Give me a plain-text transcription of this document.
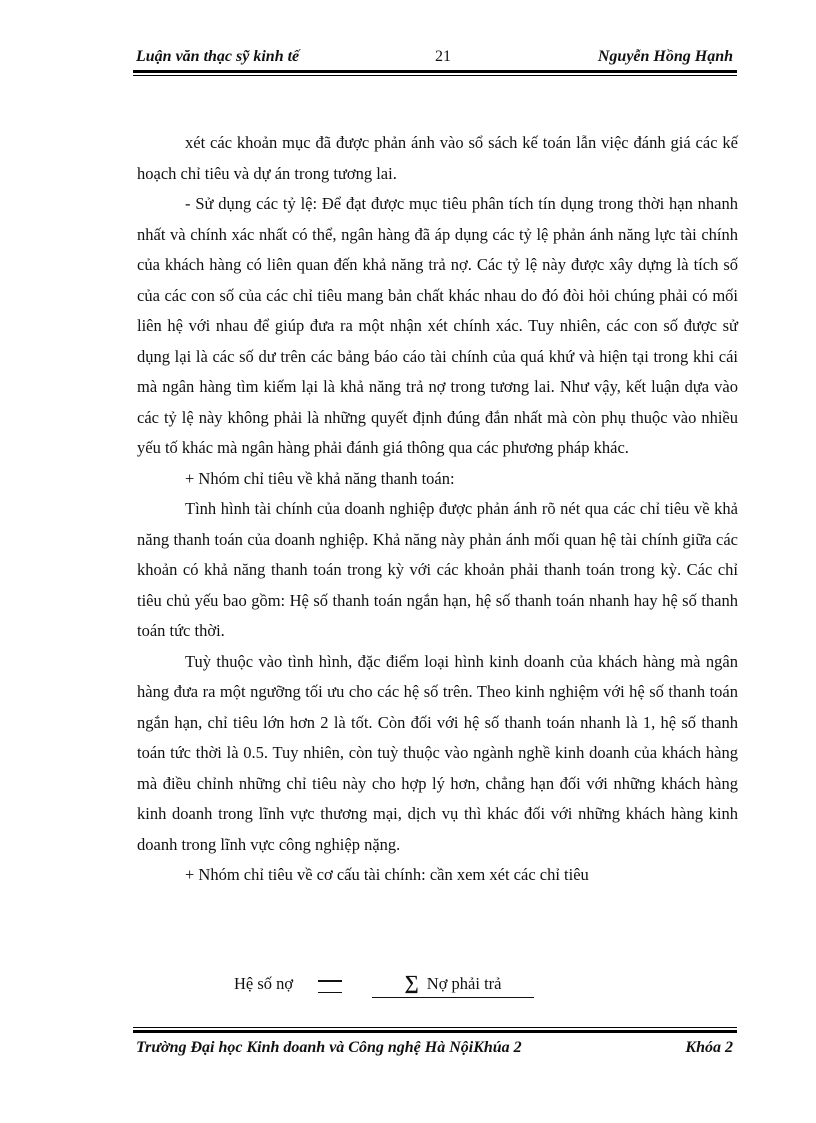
Luận văn thạc sỹ kinh tế	21	Nguyễn Hồng Hạnh

xét các khoản mục đã được phản ánh vào sổ sách kế toán lẫn việc đánh giá các kế hoạch chỉ tiêu và dự án trong tương lai.

- Sử dụng các tỷ lệ: Để đạt được mục tiêu phân tích tín dụng trong thời hạn nhanh nhất và chính xác nhất có thể, ngân hàng đã áp dụng các tỷ lệ phản ánh năng lực tài chính của khách hàng có liên quan đến khả năng trả nợ. Các tỷ lệ này được xây dựng là tích số của các con số của các chỉ tiêu mang bản chất khác nhau do đó đòi hỏi chúng phải có mối liên hệ với nhau để giúp đưa ra một nhận xét chính xác. Tuy nhiên, các con số được sử dụng lại là các số dư trên các bảng báo cáo tài chính của quá khứ và hiện tại trong khi cái mà ngân hàng tìm kiếm lại là khả năng trả nợ trong tương lai. Như vậy, kết luận dựa vào các tỷ lệ này không phải là những quyết định đúng đắn nhất mà còn phụ thuộc vào nhiều yếu tố khác mà ngân hàng phải đánh giá thông qua các phương pháp khác.

+ Nhóm chỉ tiêu về khả năng thanh toán:

Tình hình tài chính của doanh nghiệp được phản ánh rõ nét qua các chỉ tiêu về khả năng thanh toán của doanh nghiệp. Khả năng này phản ánh mối quan hệ tài chính giữa các khoản có khả năng thanh toán trong kỳ với các khoản phải thanh toán trong kỳ. Các chỉ tiêu chủ yếu bao gồm: Hệ số thanh toán ngắn hạn, hệ số thanh toán nhanh hay hệ số thanh toán tức thời.

Tuỳ thuộc vào tình hình, đặc điểm loại hình kinh doanh của khách hàng mà ngân hàng đưa ra một ngưỡng tối ưu cho các hệ số trên. Theo kinh nghiệm với hệ số thanh toán ngắn hạn, chỉ tiêu lớn hơn 2 là tốt. Còn đối với hệ số thanh toán nhanh là 1, hệ số thanh toán tức thời là 0.5. Tuy nhiên, còn tuỳ thuộc vào ngành nghề kinh doanh của khách hàng mà điều chỉnh những chỉ tiêu này cho hợp lý hơn, chẳng hạn đối với những khách hàng kinh doanh trong lĩnh vực thương mại, dịch vụ thì khác đối với những khách hàng kinh doanh trong lĩnh vực công nghiệp nặng.

+ Nhóm chỉ tiêu về cơ cấu tài chính: cần xem xét các chỉ tiêu

Hệ số nợ	∑ Nợ phải trả
Trường Đại học Kinh doanh và Công nghệ Hà NộiKhúa 2	Khóa 2
